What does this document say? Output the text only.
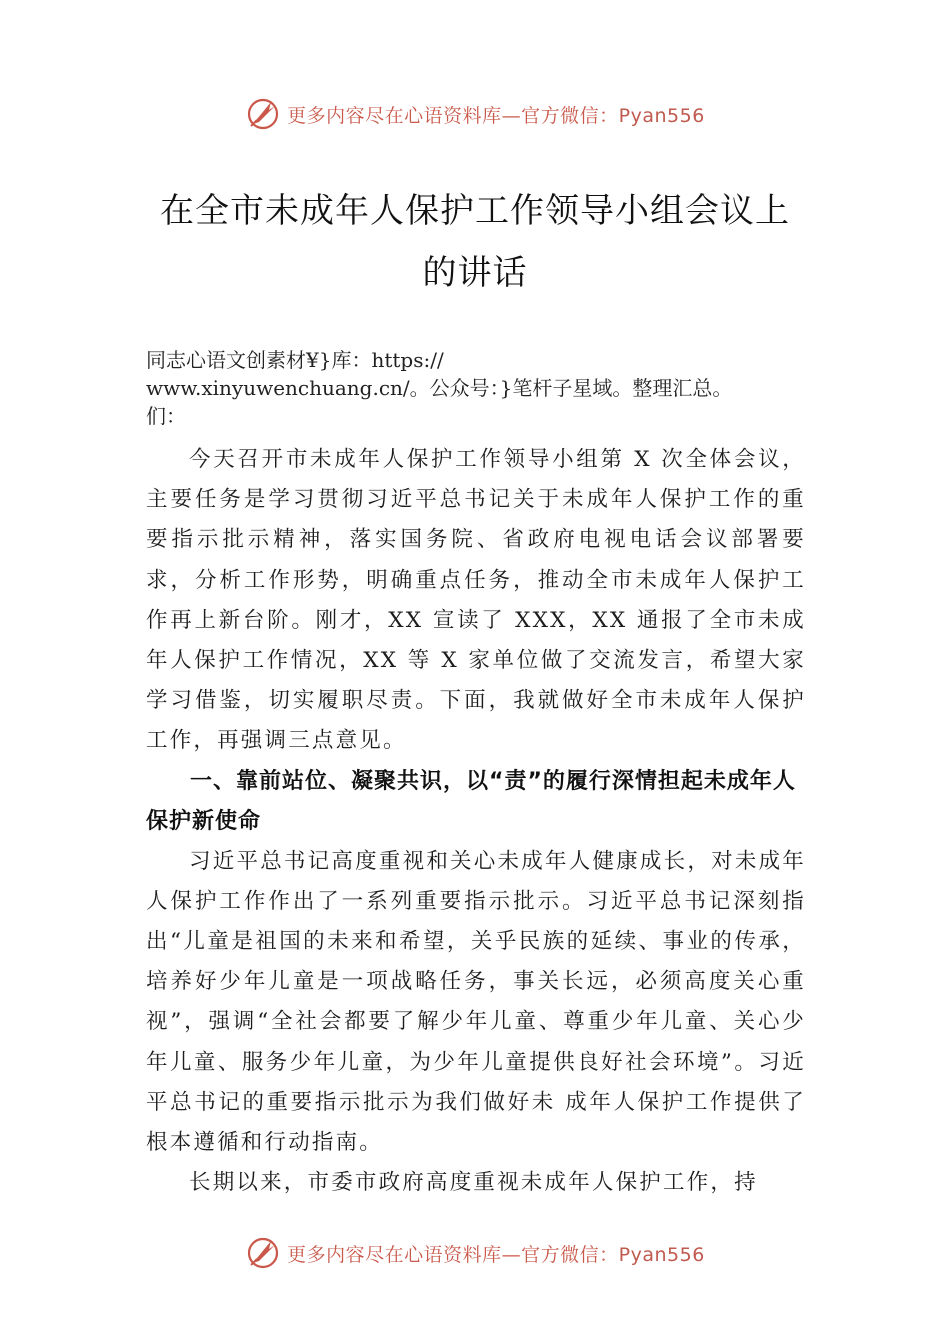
更多内容尽在心语资料库—官方微信：Pyan556
在全市未成年人保护工作领导小组会议上
的讲话
同志心语文创素材¥}库：https://
www.xinyuwenchuang.cn/。公众号：}笔杆子星域。整理汇总。
们：

今天召开市未成年人保护工作领导小组第 X 次全体会议，主要任务是学习贯彻习近平总书记关于未成年人保护工作的重要指示批示精神，落实国务院、省政府电视电话会议部署要求，分析工作形势，明确重点任务，推动全市未成年人保护工作再上新台阶。刚才，XX 宣读了 XXX，XX 通报了全市未成年人保护工作情况，XX 等 X 家单位做了交流发言，希望大家学习借鉴，切实履职尽责。下面，我就做好全市未成年人保护工作，再强调三点意见。

一、靠前站位、凝聚共识，以“责”的履行深情担起未成年人保护新使命

习近平总书记高度重视和关心未成年人健康成长，对未成年人保护工作作出了一系列重要指示批示。习近平总书记深刻指出“儿童是祖国的未来和希望，关乎民族的延续、事业的传承，培养好少年儿童是一项战略任务，事关长远，必须高度关心重视”，强调“全社会都要了解少年儿童、尊重少年儿童、关心少年儿童、服务少年儿童，为少年儿童提供良好社会环境”。习近平总书记的重要指示批示为我们做好未 成年人保护工作提供了根本遵循和行动指南。

长期以来，市委市政府高度重视未成年人保护工作，持

更多内容尽在心语资料库—官方微信：Pyan556
